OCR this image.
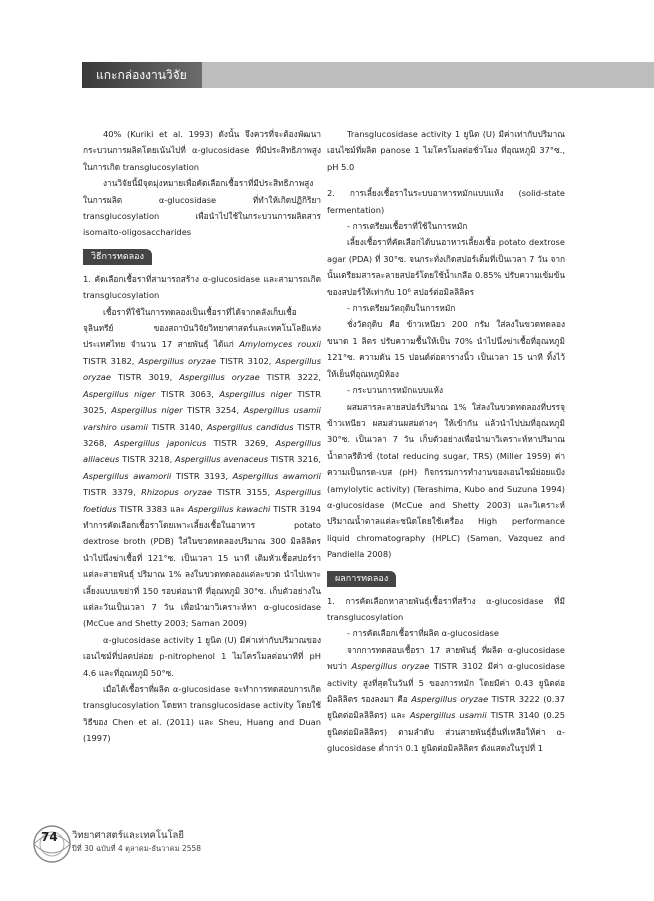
แกะกล่องงานวิจัย

40% (Kuriki et al. 1993) ดังนั้น จึงควรที่จะต้องพัฒนากระบวนการผลิตโดยเน้นไปที่ α-glucosidase ที่มีประสิทธิภาพสูงในการเกิด transglucosylation

งานวิจัยนี้มีจุดมุ่งหมายเพื่อคัดเลือกเชื้อราที่มีประสิทธิภาพสูงในการผลิต α-glucosidase ที่ทำให้เกิดปฏิกิริยา transglucosylation เพื่อนำไปใช้ในกระบวนการผลิตสาร isomalto-oligosaccharides

วิธีการทดลอง

1. คัดเลือกเชื้อราที่สามารถสร้าง α-glucosidase และสามารถเกิด transglucosylation

เชื้อราที่ใช้ในการทดลองเป็นเชื้อราที่ได้จากคลังเก็บเชื้อจุลินทรีย์ ของสถาบันวิจัยวิทยาศาสตร์และเทคโนโลยีแห่งประเทศไทย จำนวน 17 สายพันธุ์ ได้แก่ Amylomyces rouxii TISTR 3182, Aspergillus oryzae TISTR 3102, Aspergillus oryzae TISTR 3019, Aspergillus oryzae TISTR 3222, Aspergillus niger TISTR 3063, Aspergillus niger TISTR 3025, Aspergillus niger TISTR 3254, Aspergillus usamii varshiro usamii TISTR 3140, Aspergillus candidus TISTR 3268, Aspergillus japonicus TISTR 3269, Aspergillus alliaceus TISTR 3218, Aspergillus avenaceus TISTR 3216, Aspergillus awamorii TISTR 3193, Aspergillus awamorii TISTR 3379, Rhizopus oryzae TISTR 3155, Aspergillus foetidus TISTR 3383 และ Aspergillus kawachi TISTR 3194 ทำการคัดเลือกเชื้อราโดยเพาะเลี้ยงเชื้อในอาหาร potato dextrose broth (PDB) ใส่ในขวดทดลองปริมาณ 300 มิลลิลิตร นำไปนึ่งฆ่าเชื้อที่ 121°ซ. เป็นเวลา 15 นาที เติมหัวเชื้อสปอร์ราแต่ละสายพันธุ์ ปริมาณ 1% ลงในขวดทดลองแต่ละขวด นำไปเพาะเลี้ยงแบบเขย่าที่ 150 รอบต่อนาที ที่อุณหภูมิ 30°ซ. เก็บตัวอย่างในแต่ละวันเป็นเวลา 7 วัน เพื่อนำมาวิเคราะห์หา α-glucosidase (McCue and Shetty 2003; Saman 2009)

α-glucosidase activity 1 ยูนิต (U) มีค่าเท่ากับปริมาณของเอนไซม์ที่ปลดปล่อย p-nitrophenol 1 ไมโครโมลต่อนาทีที่ pH 4.6 และที่อุณหภูมิ 50°ซ.

เมื่อได้เชื้อราที่ผลิต α-glucosidase จะทำการทดสอบการเกิด transglucosylation โดยหา transglucosidase activity โดยใช้วิธีของ Chen et al. (2011) และ Sheu, Huang and Duan (1997)

Transglucosidase activity 1 ยูนิต (U) มีค่าเท่ากับปริมาณเอนไซม์ที่ผลิต panose 1 ไมโครโมลต่อชั่วโมง ที่อุณหภูมิ 37°ซ., pH 5.0

2. การเลี้ยงเชื้อราในระบบอาหารหมักแบบแห้ง (solid-state fermentation)

- การเตรียมเชื้อราที่ใช้ในการหมัก

เลี้ยงเชื้อราที่คัดเลือกได้บนอาหารเลี้ยงเชื้อ potato dextrose agar (PDA) ที่ 30°ซ. จนกระทั่งเกิดสปอร์เต็มที่เป็นเวลา 7 วัน จากนั้นเตรียมสารละลายสปอร์โดยใช้น้ำเกลือ 0.85% ปรับความเข้มข้นของสปอร์ให้เท่ากับ 10⁶ สปอร์ต่อมิลลิลิตร

- การเตรียมวัตถุดิบในการหมัก

ชั่งวัตถุดิบ คือ ข้าวเหนียว 200 กรัม ใส่ลงในขวดทดลองขนาด 1 ลิตร ปรับความชื้นให้เป็น 70% นำไปนึ่งฆ่าเชื้อที่อุณหภูมิ 121°ซ. ความดัน 15 ปอนด์ต่อตารางนิ้ว เป็นเวลา 15 นาที ทิ้งไว้ให้เย็นที่อุณหภูมิห้อง

- กระบวนการหมักแบบแห้ง

ผสมสารละลายสปอร์ปริมาณ 1% ใส่ลงในขวดทดลองที่บรรจุข้าวเหนียว ผสมส่วนผสมต่างๆ ให้เข้ากัน แล้วนำไปบ่มที่อุณหภูมิ 30°ซ. เป็นเวลา 7 วัน เก็บตัวอย่างเพื่อนำมาวิเคราะห์หาปริมาณน้ำตาลรีดิวซ์ (total reducing sugar, TRS) (Miller 1959) ค่าความเป็นกรด-เบส (pH) กิจกรรมการทำงานของเอนไซม์ย่อยแป้ง (amylolytic activity) (Terashima, Kubo and Suzuna 1994) α-glucosidase (McCue and Shetty 2003) และวิเคราะห์ปริมาณน้ำตาลแต่ละชนิดโดยใช้เครื่อง High performance liquid chromatography (HPLC) (Saman, Vazquez and Pandiella 2008)

ผลการทดลอง

1. การคัดเลือกหาสายพันธุ์เชื้อราที่สร้าง α-glucosidase ที่มี transglucosylation

- การคัดเลือกเชื้อราที่ผลิต α-glucosidase

จากการทดสอบเชื้อรา 17 สายพันธุ์ ที่ผลิต α-glucosidase พบว่า Aspergillus oryzae TISTR 3102 มีค่า α-glucosidase activity สูงที่สุดในวันที่ 5 ของการหมัก โดยมีค่า 0.43 ยูนิตต่อมิลลิลิตร รองลงมา คือ Aspergillus oryzae TISTR 3222 (0.37 ยูนิตต่อมิลลิลิตร) และ Aspergillus usamii TISTR 3140 (0.25 ยูนิตต่อมิลลิลิตร) ตามลำดับ ส่วนสายพันธุ์อื่นที่เหลือให้ค่า α-glucosidase ต่ำกว่า 0.1 ยูนิตต่อมิลลิลิตร ดังแสดงในรูปที่ 1

74 วิทยาศาสตร์และเทคโนโลยี
ปีที่ 30 ฉบับที่ 4 ตุลาคม-ธันวาคม 2558
